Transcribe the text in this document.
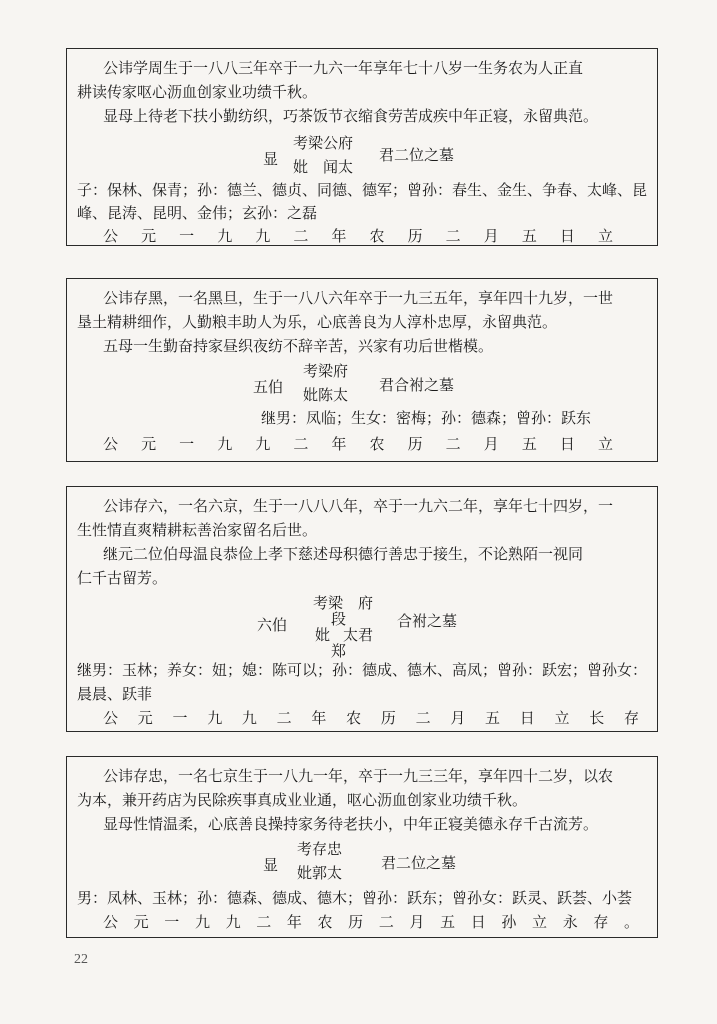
公讳学周生于一八八三年卒于一九六一年享年七十八岁一生务农为人正直
耕读传家呕心沥血创家业功绩千秋。
显母上待老下扶小勤纺织，巧茶饭节衣缩食劳苦成疾中年正寝，永留典范。
显
考梁公府
妣　闻太
君二位之墓
子：保林、保青；孙：德兰、德贞、同德、德军；曾孙：春生、金生、争春、太峰、昆
峰、昆涛、昆明、金伟；玄孙：之磊
公元一九九二年农历二月五日立
公讳存黑，一名黑旦，生于一八八六年卒于一九三五年，享年四十九岁，一世
垦土精耕细作，人勤粮丰助人为乐，心底善良为人淳朴忠厚，永留典范。
五母一生勤奋持家昼织夜纺不辞辛苦，兴家有功后世楷模。
五伯
考梁府
妣陈太
君合袝之墓
继男：凤临；生女：密梅；孙：德森；曾孙：跃东
公元一九九二年农历二月五日立
公讳存六，一名六京，生于一八八八年，卒于一九六二年，享年七十四岁，一
生性情直爽精耕耘善治家留名后世。
继元二位伯母温良恭俭上孝下慈述母积德行善忠于接生，不论熟陌一视同
仁千古留芳。
考梁　府
六伯	段
妣 太君
郑
合袝之墓
继男：玉林；养女：妞；媳：陈可以；孙：德成、德木、高凤；曾孙：跃宏；曾孙女：
晨晨、跃菲
公元一九九二年农历二月五日立长存
公讳存忠，一名七京生于一八九一年，卒于一九三三年，享年四十二岁，以农
为本，兼开药店为民除疾事真成业业通，呕心沥血创家业功绩千秋。
显母性情温柔，心底善良操持家务待老扶小，中年正寝美德永存千古流芳。
显
考存忠
妣郭太
君二位之墓
男：凤林、玉林；孙：德森、德成、德木；曾孙：跃东；曾孙女：跃灵、跃荟、小荟
公元一九九二年农历二月五日孙立永存。
22
